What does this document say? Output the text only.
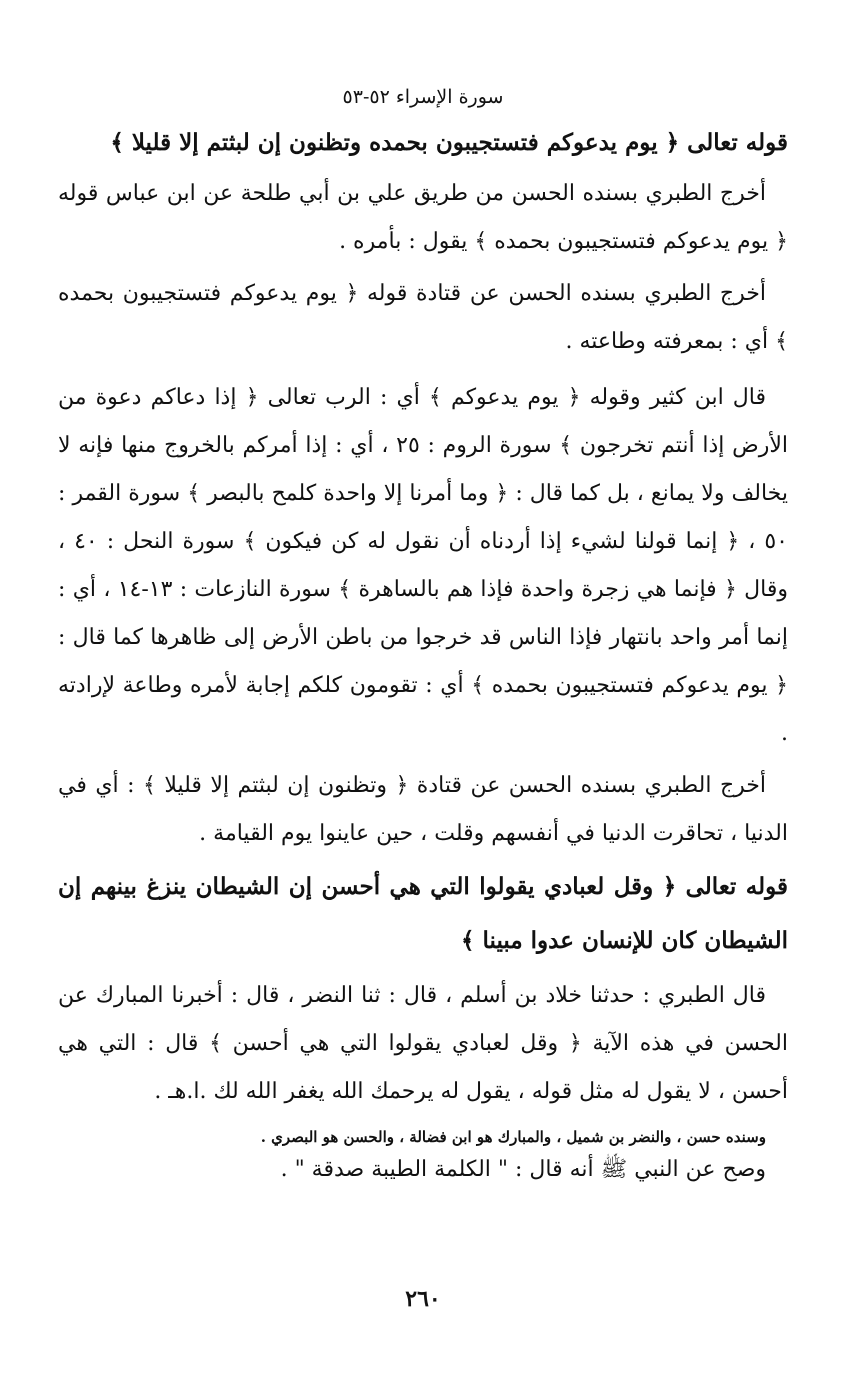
سورة الإسراء ٥٢-٥٣
قوله تعالى ﴿ يوم يدعوكم فتستجيبون بحمده وتظنون إن لبثتم إلا قليلا ﴾
أخرج الطبري بسنده الحسن من طريق علي بن أبي طلحة عن ابن عباس قوله ﴿ يوم يدعوكم فتستجيبون بحمده ﴾ يقول : بأمره .
أخرج الطبري بسنده الحسن عن قتادة قوله ﴿ يوم يدعوكم فتستجيبون بحمده ﴾ أي : بمعرفته وطاعته .
قال ابن كثير وقوله ﴿ يوم يدعوكم ﴾ أي : الرب تعالى ﴿ إذا دعاكم دعوة من الأرض إذا أنتم تخرجون ﴾ سورة الروم : ٢٥ ، أي : إذا أمركم بالخروج منها فإنه لا يخالف ولا يمانع ، بل كما قال : ﴿ وما أمرنا إلا واحدة كلمح بالبصر ﴾ سورة القمر : ٥٠ ، ﴿ إنما قولنا لشيء إذا أردناه أن نقول له كن فيكون ﴾ سورة النحل : ٤٠ ، وقال ﴿ فإنما هي زجرة واحدة فإذا هم بالساهرة ﴾ سورة النازعات : ١٣-١٤ ، أي : إنما أمر واحد بانتهار فإذا الناس قد خرجوا من باطن الأرض إلى ظاهرها كما قال : ﴿ يوم يدعوكم فتستجيبون بحمده ﴾ أي : تقومون كلكم إجابة لأمره وطاعة لإرادته .
أخرج الطبري بسنده الحسن عن قتادة ﴿ وتظنون إن لبثتم إلا قليلا ﴾ : أي في الدنيا ، تحاقرت الدنيا في أنفسهم وقلت ، حين عاينوا يوم القيامة .
قوله تعالى ﴿ وقل لعبادي يقولوا التي هي أحسن إن الشيطان ينزغ بينهم إن الشيطان كان للإنسان عدوا مبينا ﴾
قال الطبري : حدثنا خلاد بن أسلم ، قال : ثنا النضر ، قال : أخبرنا المبارك عن الحسن في هذه الآية ﴿ وقل لعبادي يقولوا التي هي أحسن ﴾ قال : التي هي أحسن ، لا يقول له مثل قوله ، يقول له يرحمك الله يغفر الله لك .ا.هـ .
وسنده حسن ، والنضر بن شميل ، والمبارك هو ابن فضالة ، والحسن هو البصري .
وصح عن النبي ﷺ أنه قال : " الكلمة الطيبة صدقة " .
٢٦٠
